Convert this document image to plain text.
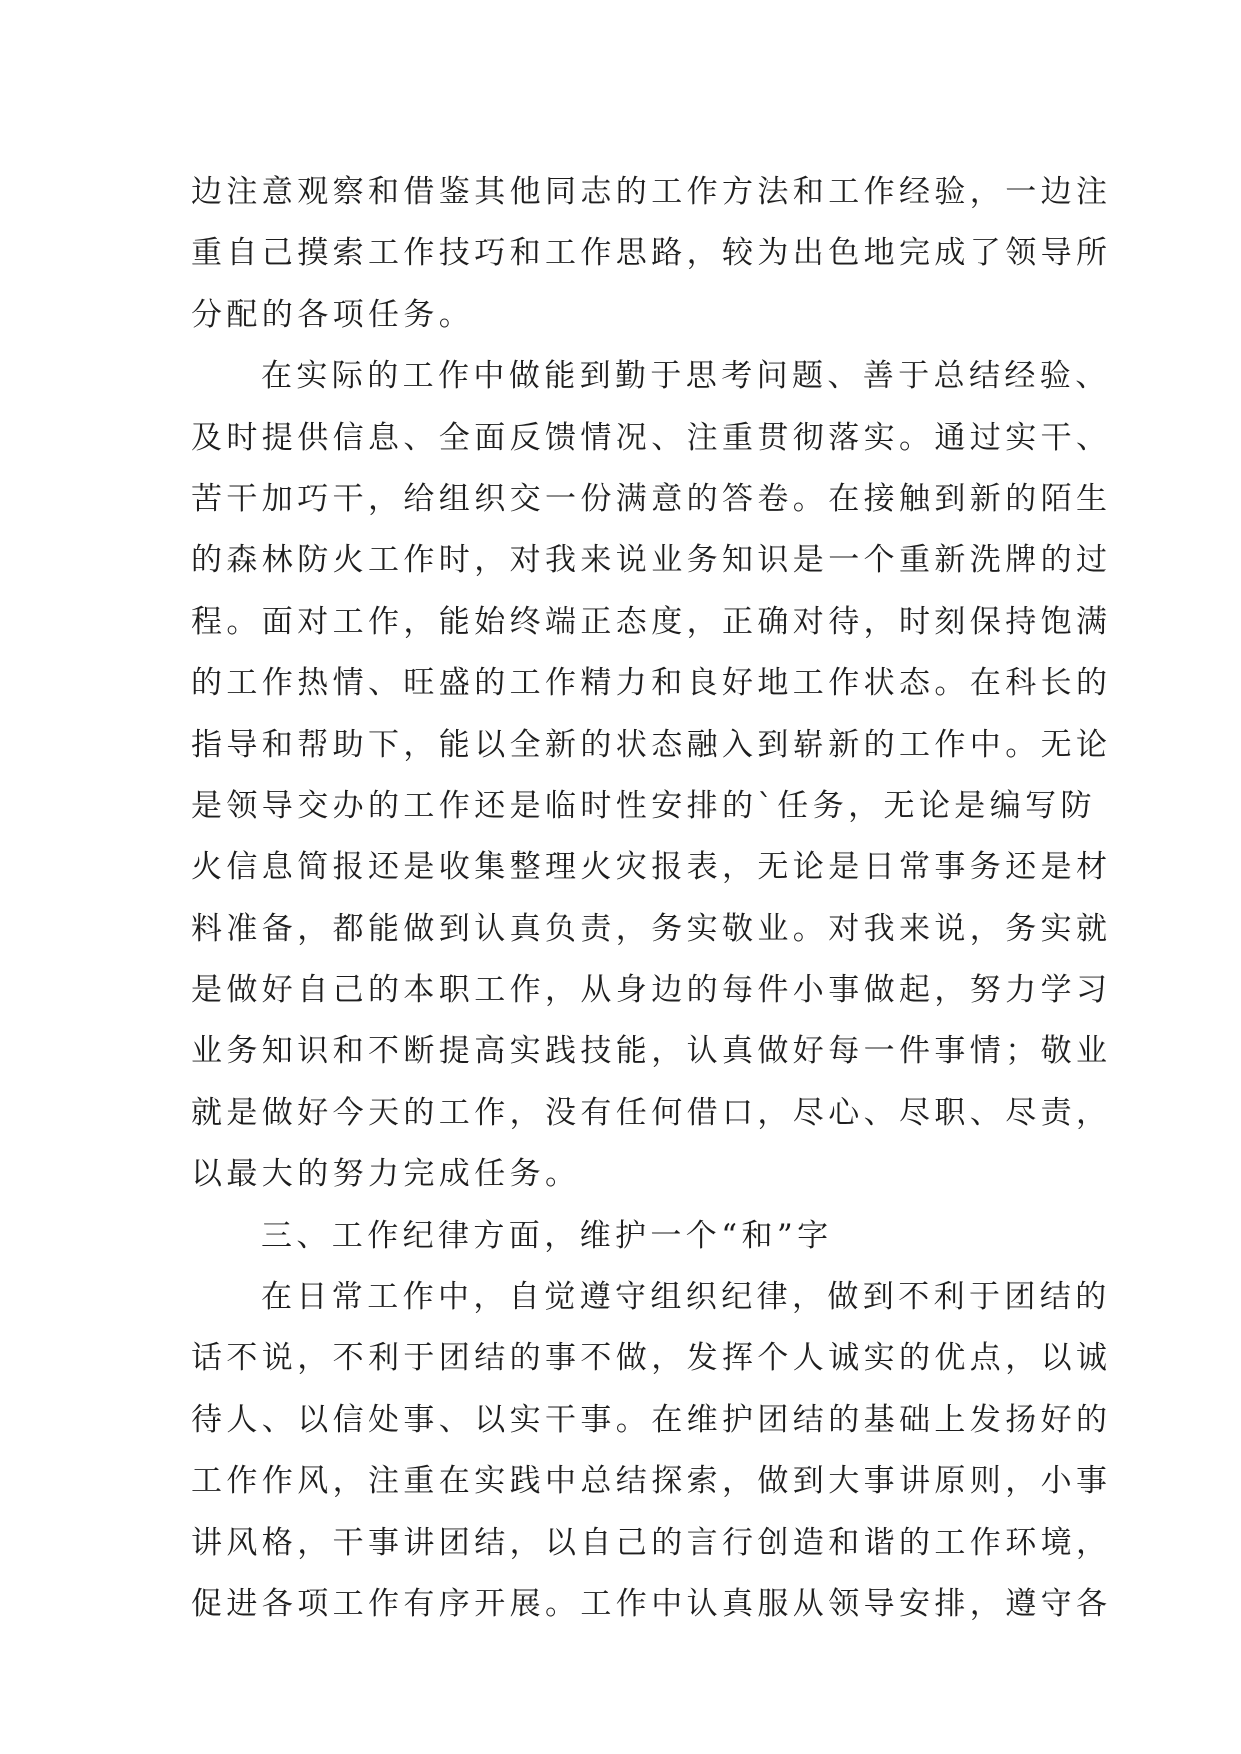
边注意观察和借鉴其他同志的工作方法和工作经验，一边注
重自己摸索工作技巧和工作思路，较为出色地完成了领导所
分配的各项任务。
在实际的工作中做能到勤于思考问题、善于总结经验、
及时提供信息、全面反馈情况、注重贯彻落实。通过实干、
苦干加巧干，给组织交一份满意的答卷。在接触到新的陌生
的森林防火工作时，对我来说业务知识是一个重新洗牌的过
程。面对工作，能始终端正态度，正确对待，时刻保持饱满
的工作热情、旺盛的工作精力和良好地工作状态。在科长的
指导和帮助下，能以全新的状态融入到崭新的工作中。无论
是领导交办的工作还是临时性安排的`任务，无论是编写防
火信息简报还是收集整理火灾报表，无论是日常事务还是材
料准备，都能做到认真负责，务实敬业。对我来说，务实就
是做好自己的本职工作，从身边的每件小事做起，努力学习
业务知识和不断提高实践技能，认真做好每一件事情；敬业
就是做好今天的工作，没有任何借口，尽心、尽职、尽责，
以最大的努力完成任务。
三、工作纪律方面，维护一个“和”字
在日常工作中，自觉遵守组织纪律，做到不利于团结的
话不说，不利于团结的事不做，发挥个人诚实的优点，以诚
待人、以信处事、以实干事。在维护团结的基础上发扬好的
工作作风，注重在实践中总结探索，做到大事讲原则，小事
讲风格，干事讲团结，以自己的言行创造和谐的工作环境，
促进各项工作有序开展。工作中认真服从领导安排，遵守各
